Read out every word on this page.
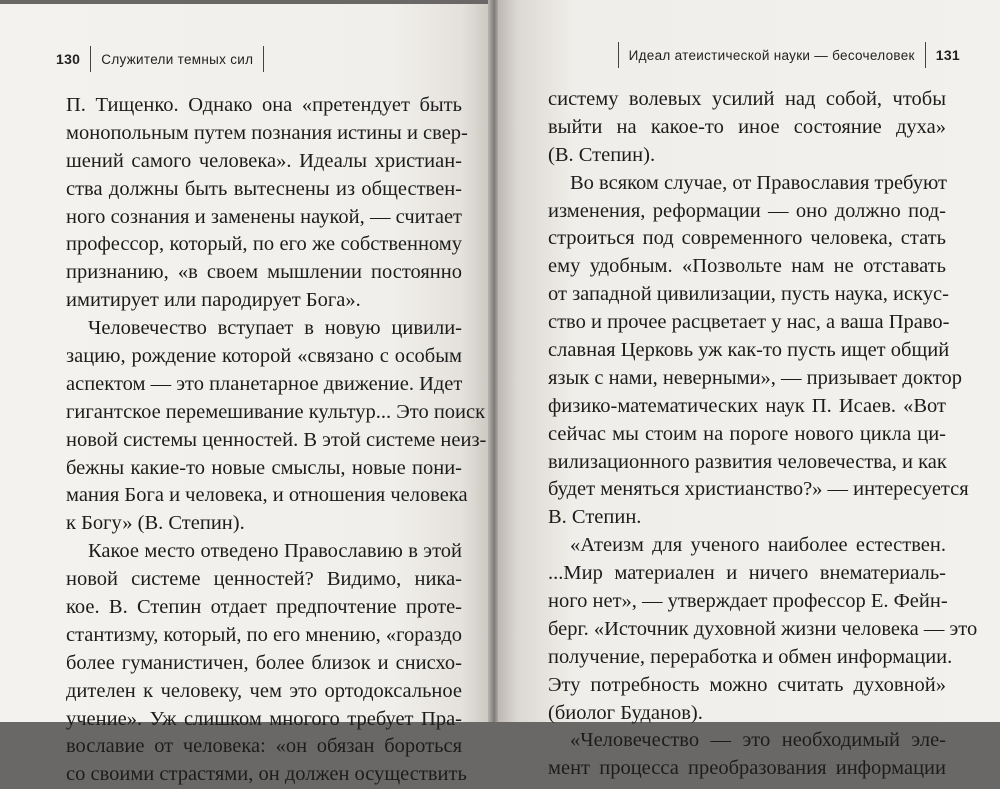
130 Служители темных сил
П. Тищенко. Однако она «претендует быть
монопольным путем познания истины и свер-
шений самого человека». Идеалы христиан-
ства должны быть вытеснены из обществен-
ного сознания и заменены наукой, — считает
профессор, который, по его же собственному
признанию, «в своем мышлении постоянно
имитирует или пародирует Бога».
Человечество вступает в новую цивили-
зацию, рождение которой «связано с особым
аспектом — это планетарное движение. Идет
гигантское перемешивание культур... Это поиск
новой системы ценностей. В этой системе неиз-
бежны какие-то новые смыслы, новые пони-
мания Бога и человека, и отношения человека
к Богу» (В. Степин).
Какое место отведено Православию в этой
новой системе ценностей? Видимо, ника-
кое. В. Степин отдает предпочтение протe-
стантизму, который, по его мнению, «гораздо
более гуманистичен, более близок и снисхо-
дителен к человеку, чем это ортодоксальное
учение». Уж слишком многого требует Пра-
вославие от человека: «он обязан бороться
со своими страстями, он должен осуществить
Идеал атеистической науки — бесочеловек 131
систему волевых усилий над собой, чтобы
выйти на какое-то иное состояние духа»
(В. Степин).
Во всяком случае, от Православия требуют
изменения, реформации — оно должно под-
строиться под современного человека, стать
ему удобным. «Позвольте нам не отставать
от западной цивилизации, пусть наука, искус-
ство и прочее расцветает у нас, а ваша Право-
славная Церковь уж как-то пусть ищет общий
язык с нами, неверными», — призывает доктор
физико-математических наук П. Исаев. «Вот
сейчас мы стоим на пороге нового цикла ци-
вилизационного развития человечества, и как
будет меняться христианство?» — интересуется
В. Степин.
«Атеизм для ученого наиболее естествен.
...Мир материален и ничего внематериаль-
ного нет», — утверждает профессор Е. Фейн-
берг. «Источник духовной жизни человека — это
получение, переработка и обмен информации.
Эту потребность можно считать духовной»
(биолог Буданов).
«Человечество — это необходимый эле-
мент процесса преобразования информации
